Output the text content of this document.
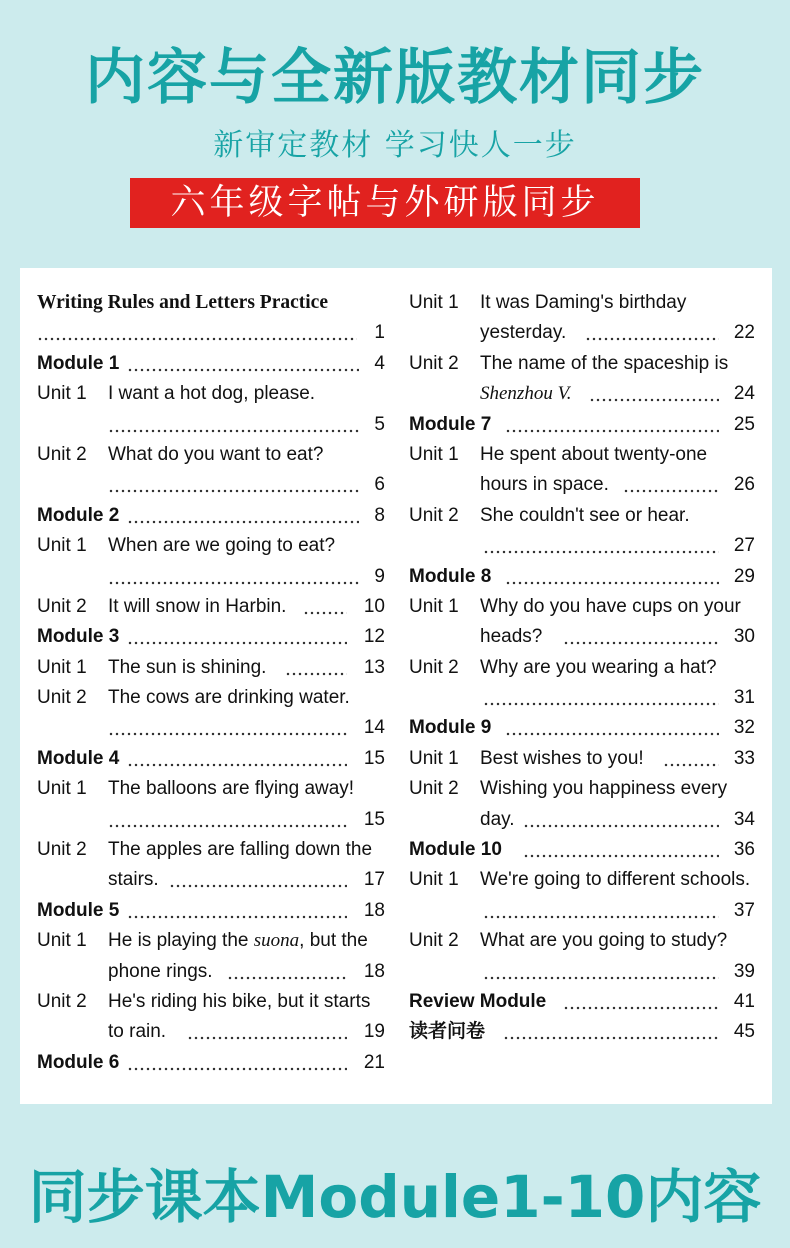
内容与全新版教材同步
新审定教材 学习快人一步
六年级字帖与外研版同步
Writing Rules and Letters Practice
1
Module 1	4
Unit 1 I want a hot dog, please.
5
Unit 2 What do you want to eat?
6
Module 2	8
Unit 1 When are we going to eat?
9
Unit 2 It will snow in Harbin.	10
Module 3	12
Unit 1 The sun is shining.	13
Unit 2 The cows are drinking water.
14
Module 4	15
Unit 1 The balloons are flying away!
15
Unit 2 The apples are falling down the
stairs.	17
Module 5	18
Unit 1 He is playing the suona, but the
phone rings.	18
Unit 2 He's riding his bike, but it starts
to rain.	19
Module 6	21
Unit 1 It was Daming's birthday
yesterday.	22
Unit 2 The name of the spaceship is
Shenzhou V.	24
Module 7	25
Unit 1 He spent about twenty-one
hours in space.	26
Unit 2 She couldn't see or hear.
27
Module 8	29
Unit 1 Why do you have cups on your
heads?	30
Unit 2 Why are you wearing a hat?
31
Module 9	32
Unit 1 Best wishes to you!	33
Unit 2 Wishing you happiness every
day.	34
Module 10	36
Unit 1 We're going to different schools.
37
Unit 2 What are you going to study?
39
Review Module	41
读者问卷	45
同步课本Module1-10内容
